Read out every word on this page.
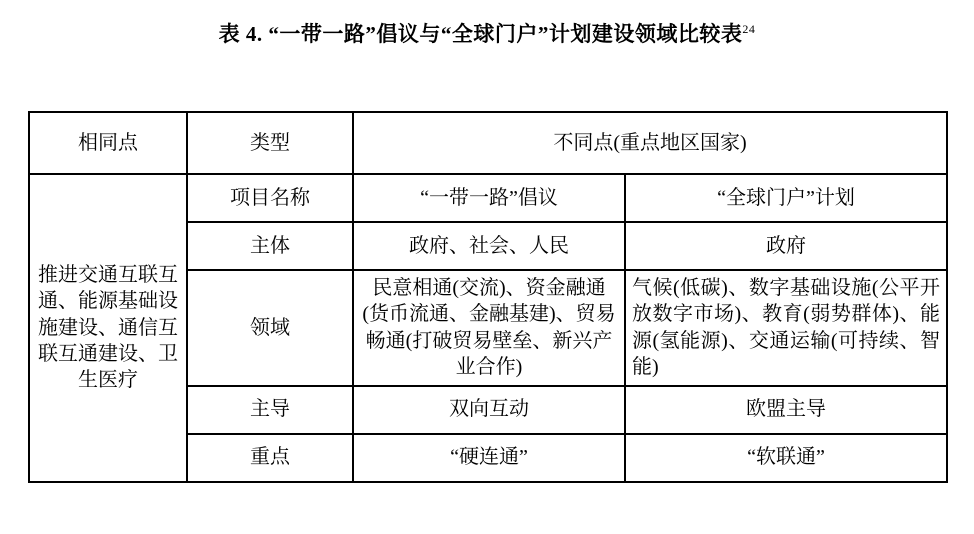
表 4. “一带一路”倡议与“全球门户”计划建设领域比较表$^{24}$
相同点	类型	不同点(重点地区国家)	
推进交通互联互通、能源基础设施建设、通信互联互通建设、卫生医疗	项目名称	“一带一路”倡议	“全球门户”计划
	主体	政府、社会、人民	政府
	领域	民意相通(交流)、资金融通(货币流通、金融基建)、贸易畅通(打破贸易壁垒、新兴产业合作)	气候(低碳)、数字基础设施(公平开放数字市场)、教育(弱势群体)、能源(氢能源)、交通运输(可持续、智能)
	主导	双向互动	欧盟主导
	重点	“硬连通”	“软联通”
